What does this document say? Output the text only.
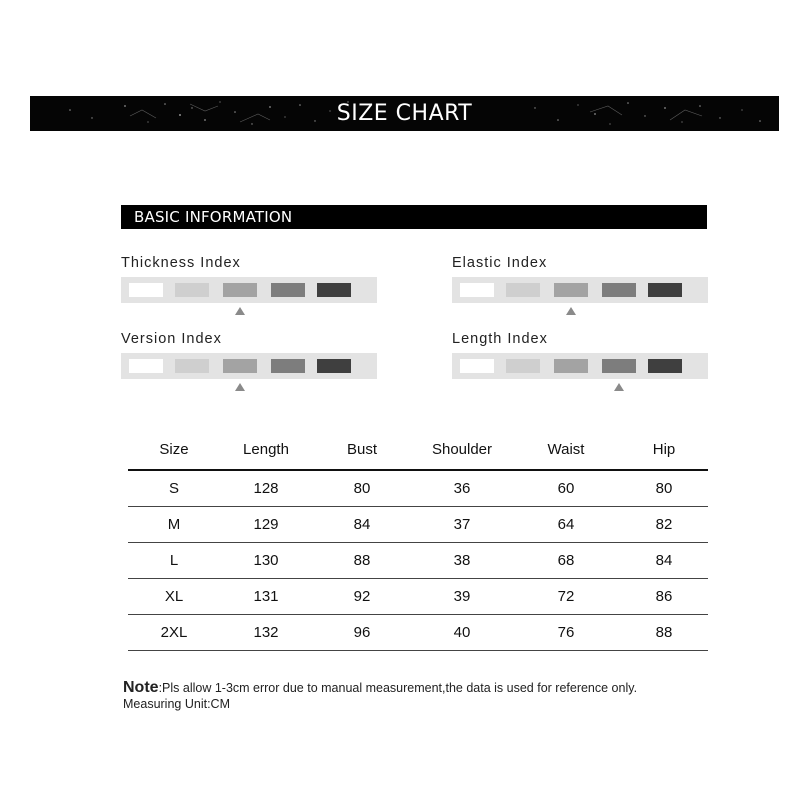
SIZE CHART
BASIC INFORMATION
Thickness Index	Elastic Index
Version Index	Length Index
Size	Length	Bust	Shoulder	Waist	Hip
S	128	80	36	60	80
M	129	84	37	64	82
L	130	88	38	68	84
XL	131	92	39	72	86
2XL	132	96	40	76	88
Note:Pls allow 1-3cm error due to manual measurement,the data is used for reference only.
Measuring Unit:CM
